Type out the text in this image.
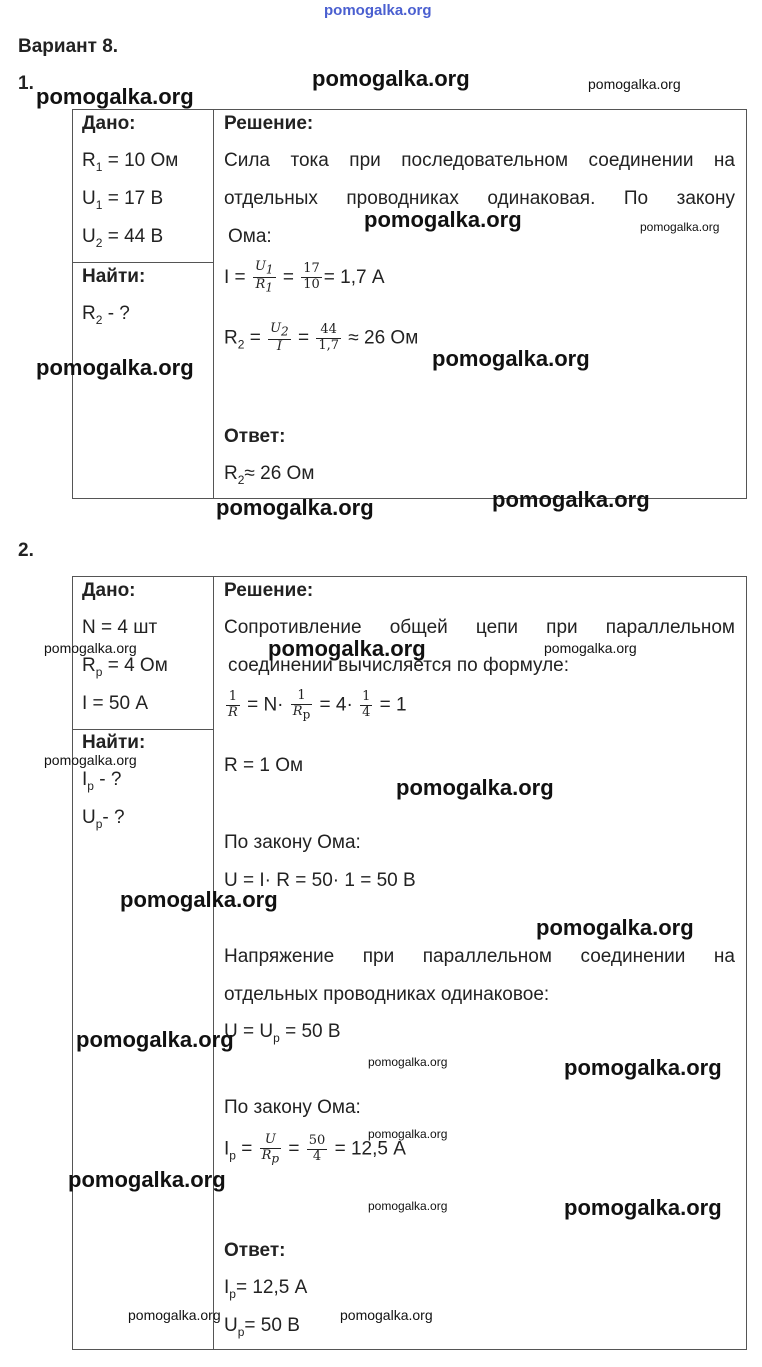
pomogalka.org
Вариант 8.
1.
Дано:
$R_1 = 10$ Ом
$U_1 = 17$ В
$U_2 = 44$ В
Найти:
$R_2$ - ?
Решение:
Сила тока при последовательном соединении на
отдельных проводниках одинаковая. По закону
Ома:
$I = \frac{U_1}{R_1} = \frac{17}{10} = 1,7$ А
$R_2 = \frac{U_2}{I} = \frac{44}{1,7} \approx 26$ Ом
Ответ:
$R_2\approx 26$ Ом
2.
Дано:
N = 4 шт
$R_р = 4$ Ом
I = 50 А
Найти:
$I_р$ - ?
$U_р-$ ?
Решение:
Сопротивление общей цепи при параллельном
соединении вычисляется по формуле:
$\frac{1}{R} = N\cdot \frac{1}{R_р} = 4\cdot \frac{1}{4} = 1$
R = 1 Ом
По закону Ома:
U = I· R = 50· 1 = 50 В
Напряжение при параллельном соединении на
отдельных проводниках одинаковое:
$U = U_р = 50$ В
По закону Ома:
$I_р = \frac{U}{R_р} = \frac{50}{4} = 12,5$ А
Ответ:
$I_р= 12,5$ А
$U_р= 50$ В
pomogalka.org	pomogalka.org
pomogalka.org
pomogalka.org	pomogalka.org
pomogalka.org
pomogalka.org
pomogalka.org
pomogalka.org
pomogalka.org	pomogalka.org	pomogalka.org
pomogalka.org
pomogalka.org
pomogalka.org
pomogalka.org
pomogalka.org
pomogalka.org	pomogalka.org
pomogalka.org
pomogalka.org
pomogalka.org	pomogalka.org
pomogalka.org	pomogalka.org
